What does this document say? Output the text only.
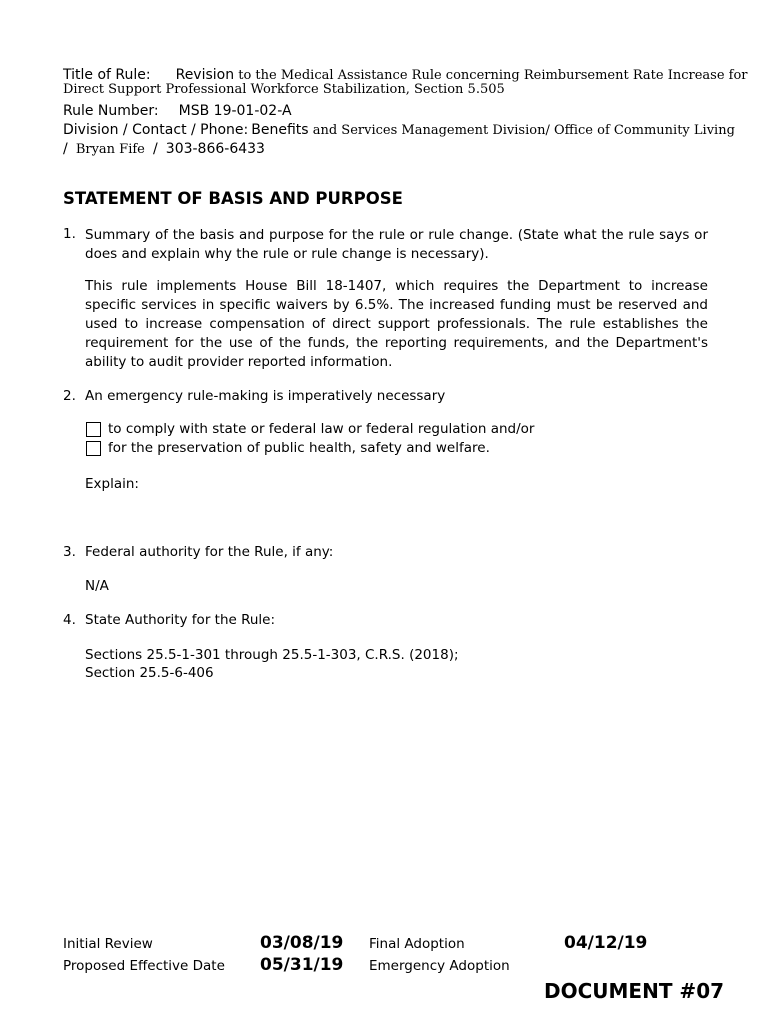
Title of Rule: Revision to the Medical Assistance Rule concerning Reimbursement Rate Increase for
Direct Support Professional Workforce Stabilization, Section 5.505
Rule Number: MSB 19-01-02-A
Division / Contact / Phone: Benefits and Services Management Division/ Office of Community Living
/ Bryan Fife / 303-866-6433
STATEMENT OF BASIS AND PURPOSE
1. Summary of the basis and purpose for the rule or rule change. (State what the rule says or does and explain why the rule or rule change is necessary).
This rule implements House Bill 18-1407, which requires the Department to increase specific services in specific waivers by 6.5%. The increased funding must be reserved and used to increase compensation of direct support professionals. The rule establishes the requirement for the use of the funds, the reporting requirements, and the Department's ability to audit provider reported information.
2. An emergency rule-making is imperatively necessary
to comply with state or federal law or federal regulation and/or
for the preservation of public health, safety and welfare.
Explain:
3. Federal authority for the Rule, if any:
N/A
4. State Authority for the Rule:
Sections 25.5-1-301 through 25.5-1-303, C.R.S. (2018);
Section 25.5-6-406
Initial Review	03/08/19 Final Adoption	04/12/19
Proposed Effective Date 05/31/19 Emergency Adoption
DOCUMENT #07
